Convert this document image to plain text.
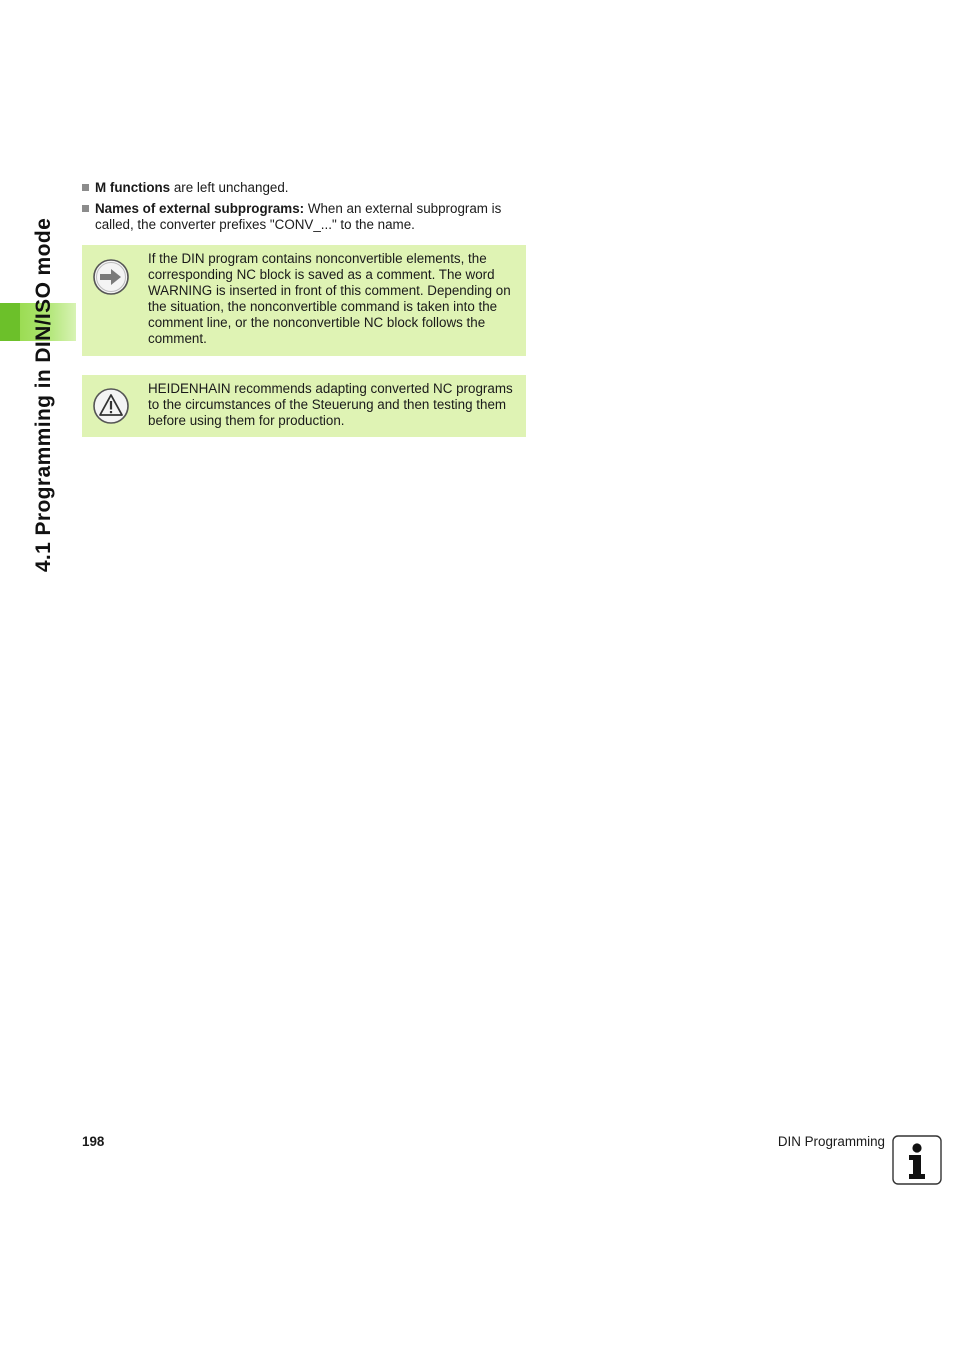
4.1 Programming in DIN/ISO mode
M functions are left unchanged.
Names of external subprograms: When an external subprogram is called, the converter prefixes "CONV_..." to the name.
If the DIN program contains nonconvertible elements, the corresponding NC block is saved as a comment. The word WARNING is inserted in front of this comment. Depending on the situation, the nonconvertible command is taken into the comment line, or the nonconvertible NC block follows the comment.
HEIDENHAIN recommends adapting converted NC programs to the circumstances of the Steuerung and then testing them before using them for production.
198	DIN Programming
